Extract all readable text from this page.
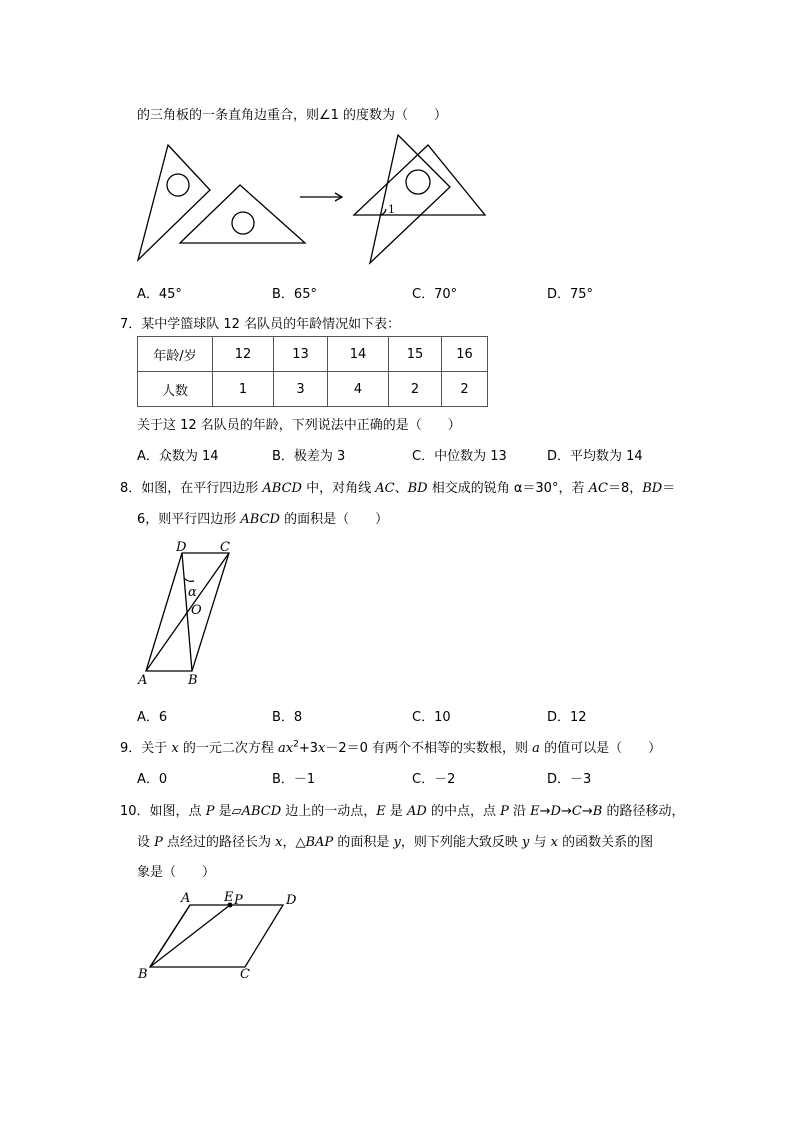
的三角板的一条直角边重合，则∠1 的度数为（　　）
1
A．45°	B．65°	C．70°	D．75°
7．某中学篮球队 12 名队员的年龄情况如下表：
年龄/岁	12	13	14	15	16
人数	1	3	4	2	2
关于这 12 名队员的年龄，下列说法中正确的是（　　）
A．众数为 14	B．极差为 3	C．中位数为 13	D．平均数为 14
8．如图，在平行四边形 ABCD 中，对角线 AC、BD 相交成的锐角 α＝30°，若 AC＝8，BD＝
6，则平行四边形 ABCD 的面积是（　　）
D	C
α
O
A	B
A．6	B．8	C．10	D．12
9．关于 x 的一元二次方程 $ax^2+3x-2=0$ 有两个不相等的实数根，则 a 的值可以是（　　）
A．0	B．－1	C．－2	D．－3
10．如图，点 P 是▱ABCD 边上的一动点，E 是 AD 的中点，点 P 沿 E→D→C→B 的路径移动，
设 P 点经过的路径长为 x，△BAP 的面积是 y，则下列能大致反映 y 与 x 的函数关系的图
象是（　　）
A	E P	D
B	C
